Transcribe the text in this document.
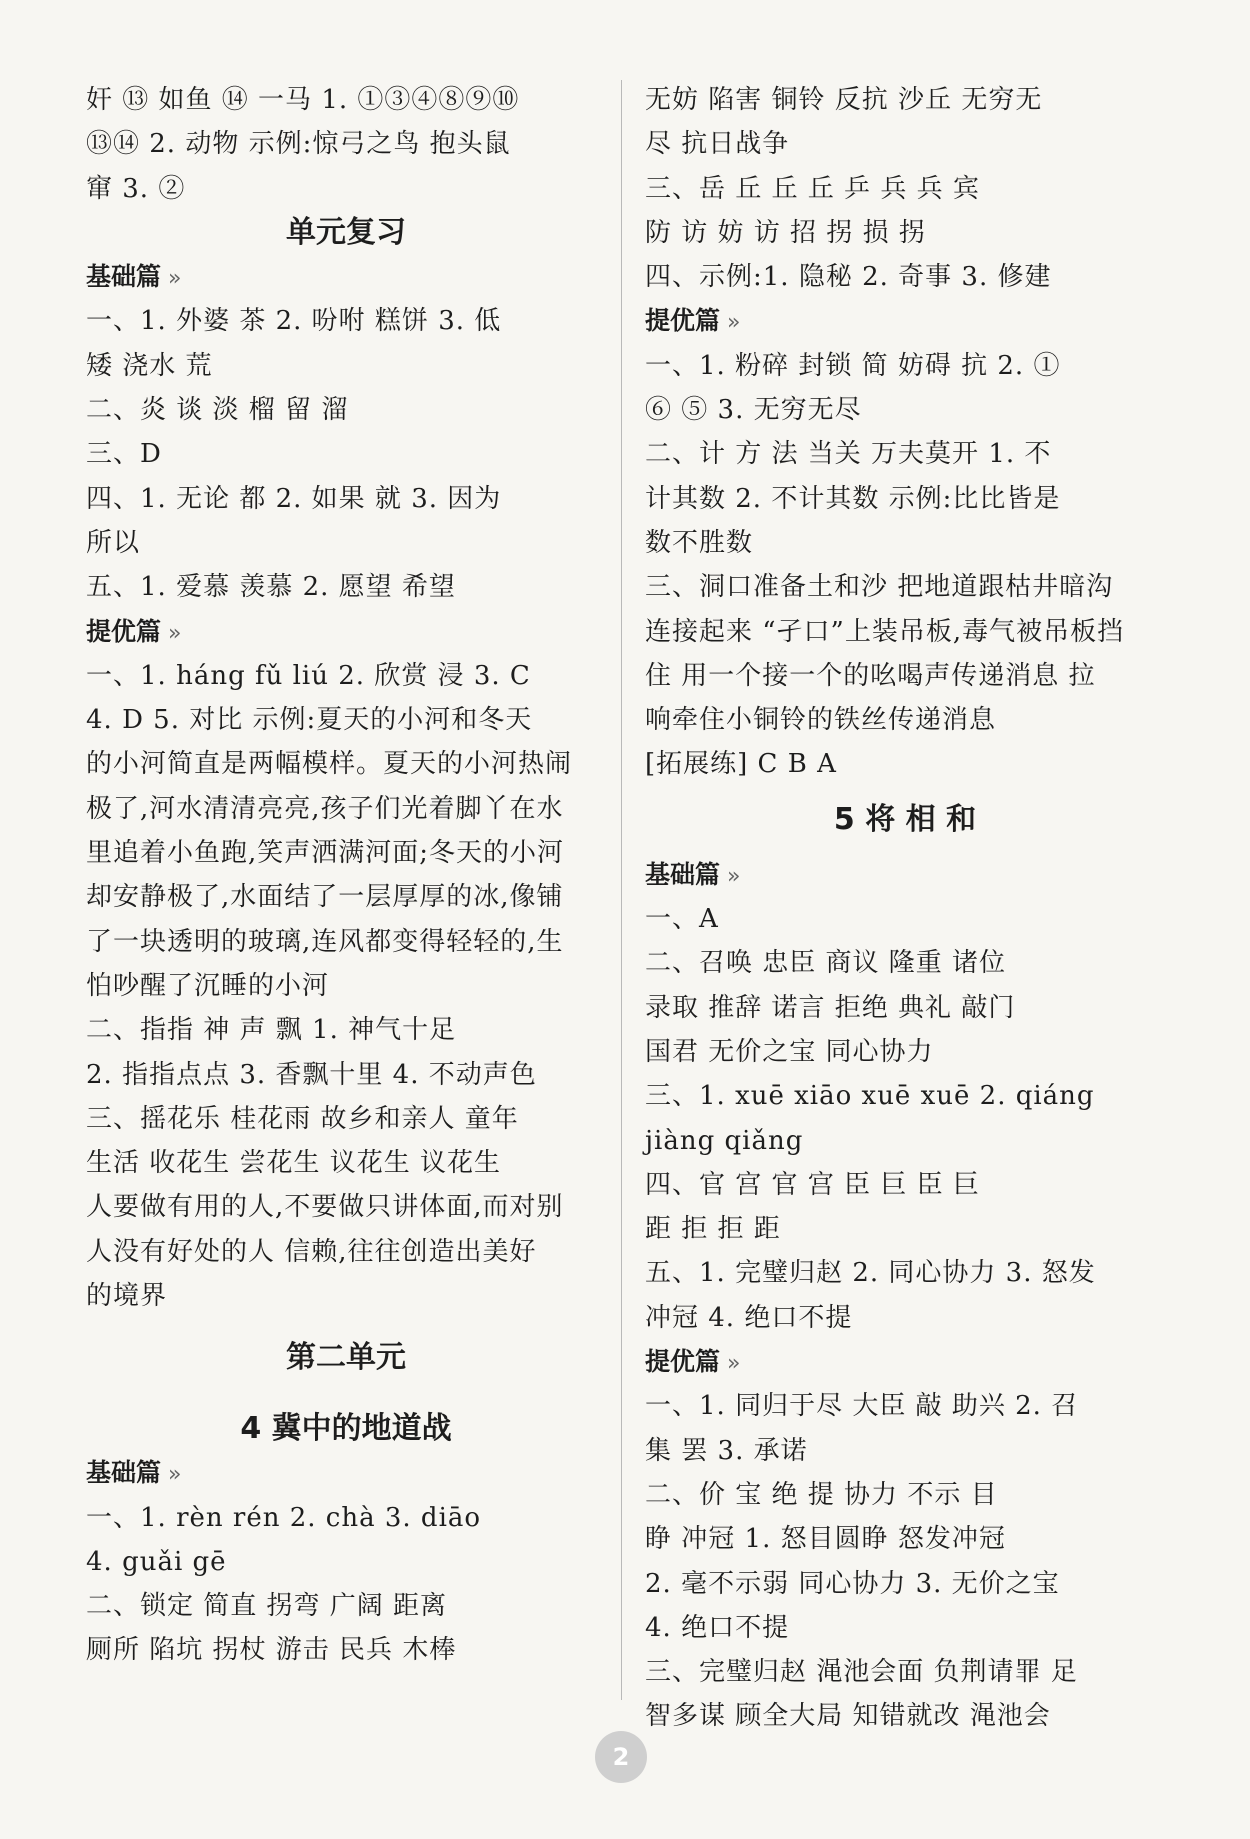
奸 ⑬ 如鱼 ⑭ 一马 1. ①③④⑧⑨⑩
⑬⑭ 2. 动物 示例:惊弓之鸟 抱头鼠
窜 3. ②
单元复习
基础篇 »
一、1. 外婆 茶 2. 吩咐 糕饼 3. 低
矮 浇水 荒
二、炎 谈 淡 榴 留 溜
三、D
四、1. 无论 都 2. 如果 就 3. 因为
所以
五、1. 爱慕 羡慕 2. 愿望 希望
提优篇 »
一、1. háng fǔ liú 2. 欣赏 浸 3. C
4. D 5. 对比 示例:夏天的小河和冬天
的小河简直是两幅模样。夏天的小河热闹
极了,河水清清亮亮,孩子们光着脚丫在水
里追着小鱼跑,笑声洒满河面;冬天的小河
却安静极了,水面结了一层厚厚的冰,像铺
了一块透明的玻璃,连风都变得轻轻的,生
怕吵醒了沉睡的小河
二、指指 神 声 飘 1. 神气十足
2. 指指点点 3. 香飘十里 4. 不动声色
三、摇花乐 桂花雨 故乡和亲人 童年
生活 收花生 尝花生 议花生 议花生
人要做有用的人,不要做只讲体面,而对别
人没有好处的人 信赖,往往创造出美好
的境界
第二单元
4 冀中的地道战
基础篇 »
一、1. rèn rén 2. chà 3. diāo
4. guǎi gē
二、锁定 简直 拐弯 广阔 距离
厕所 陷坑 拐杖 游击 民兵 木棒
无妨 陷害 铜铃 反抗 沙丘 无穷无
尽 抗日战争
三、岳 丘 丘 丘 乒 兵 兵 宾
防 访 妨 访 招 拐 损 拐
四、示例:1. 隐秘 2. 奇事 3. 修建
提优篇 »
一、1. 粉碎 封锁 简 妨碍 抗 2. ①
⑥ ⑤ 3. 无穷无尽
二、计 方 法 当关 万夫莫开 1. 不
计其数 2. 不计其数 示例:比比皆是
数不胜数
三、洞口准备土和沙 把地道跟枯井暗沟
连接起来 “孑口”上装吊板,毒气被吊板挡
住 用一个接一个的吆喝声传递消息 拉
响牵住小铜铃的铁丝传递消息
[拓展练] C B A
5 将 相 和
基础篇 »
一、A
二、召唤 忠臣 商议 隆重 诸位
录取 推辞 诺言 拒绝 典礼 敲门
国君 无价之宝 同心协力
三、1. xuē xiāo xuē xuē 2. qiáng
jiàng qiǎng
四、官 宫 官 宫 臣 巨 臣 巨
距 拒 拒 距
五、1. 完璧归赵 2. 同心协力 3. 怒发
冲冠 4. 绝口不提
提优篇 »
一、1. 同归于尽 大臣 敲 助兴 2. 召
集 罢 3. 承诺
二、价 宝 绝 提 协力 不示 目
睁 冲冠 1. 怒目圆睁 怒发冲冠
2. 毫不示弱 同心协力 3. 无价之宝
4. 绝口不提
三、完璧归赵 渑池会面 负荆请罪 足
智多谋 顾全大局 知错就改 渑池会
2
